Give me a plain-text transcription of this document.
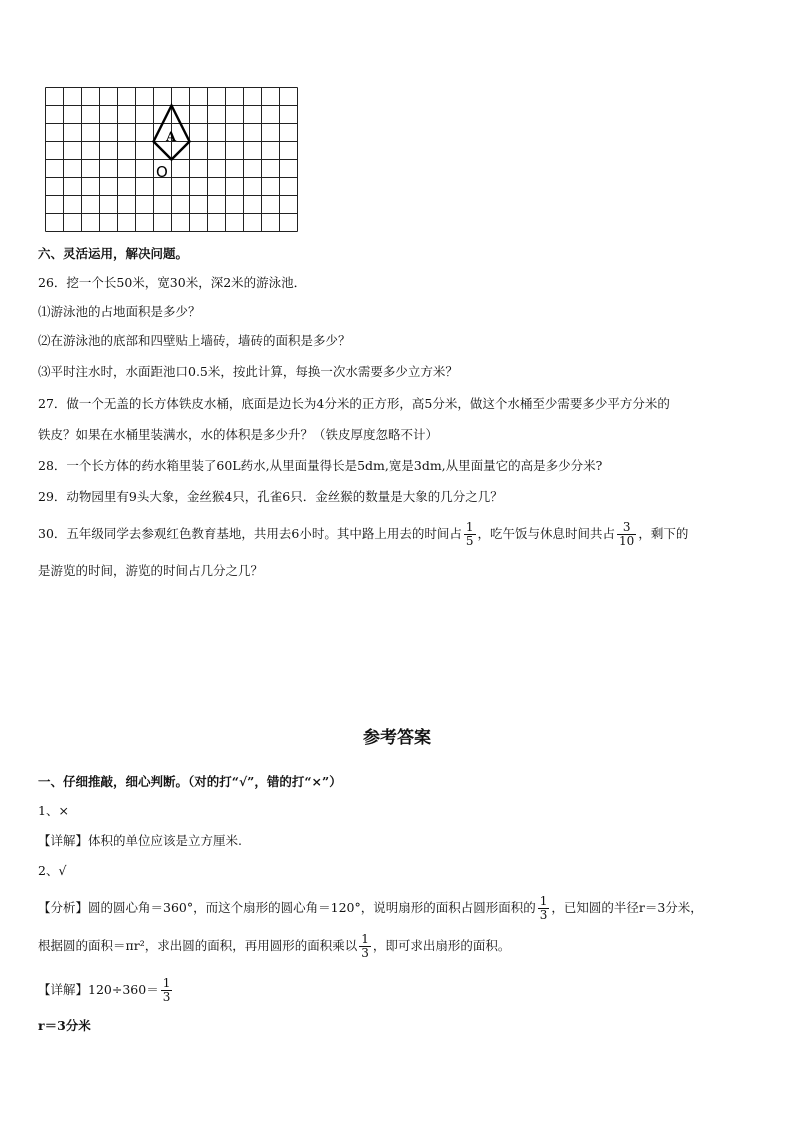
A
O
六、灵活运用，解决问题。
26．挖一个长50米，宽30米，深2米的游泳池．
⑴游泳池的占地面积是多少？
⑵在游泳池的底部和四壁贴上墙砖，墙砖的面积是多少？
⑶平时注水时，水面距池口0.5米，按此计算，每换一次水需要多少立方米？
27．做一个无盖的长方体铁皮水桶，底面是边长为4分米的正方形，高5分米，做这个水桶至少需要多少平方分米的
铁皮？如果在水桶里装满水，水的体积是多少升？（铁皮厚度忽略不计）
28．一个长方体的药水箱里装了60L药水,从里面量得长是5dm,宽是3dm,从里面量它的高是多少分米?
29．动物园里有9头大象，金丝猴4只，孔雀6只．金丝猴的数量是大象的几分之几？
30．五年级同学去参观红色教育基地，共用去6小时。其中路上用去的时间占 $\frac{1}{5}$ ，吃午饭与休息时间共占 $\frac{3}{10}$ ，剩下的
是游览的时间，游览的时间占几分之几？
参考答案
一、仔细推敲，细心判断。（对的打“√”，错的打“×”）
1、×
【详解】体积的单位应该是立方厘米.
2、√
【分析】圆的圆心角＝360°，而这个扇形的圆心角＝120°，说明扇形的面积占圆形面积的 $\frac{1}{3}$ ，已知圆的半径r＝3分米，
根据圆的面积＝πr²，求出圆的面积，再用圆形的面积乘以 $\frac{1}{3}$ ，即可求出扇形的面积。
【详解】$120\div 360= \frac{1}{3}$
r＝3分米
